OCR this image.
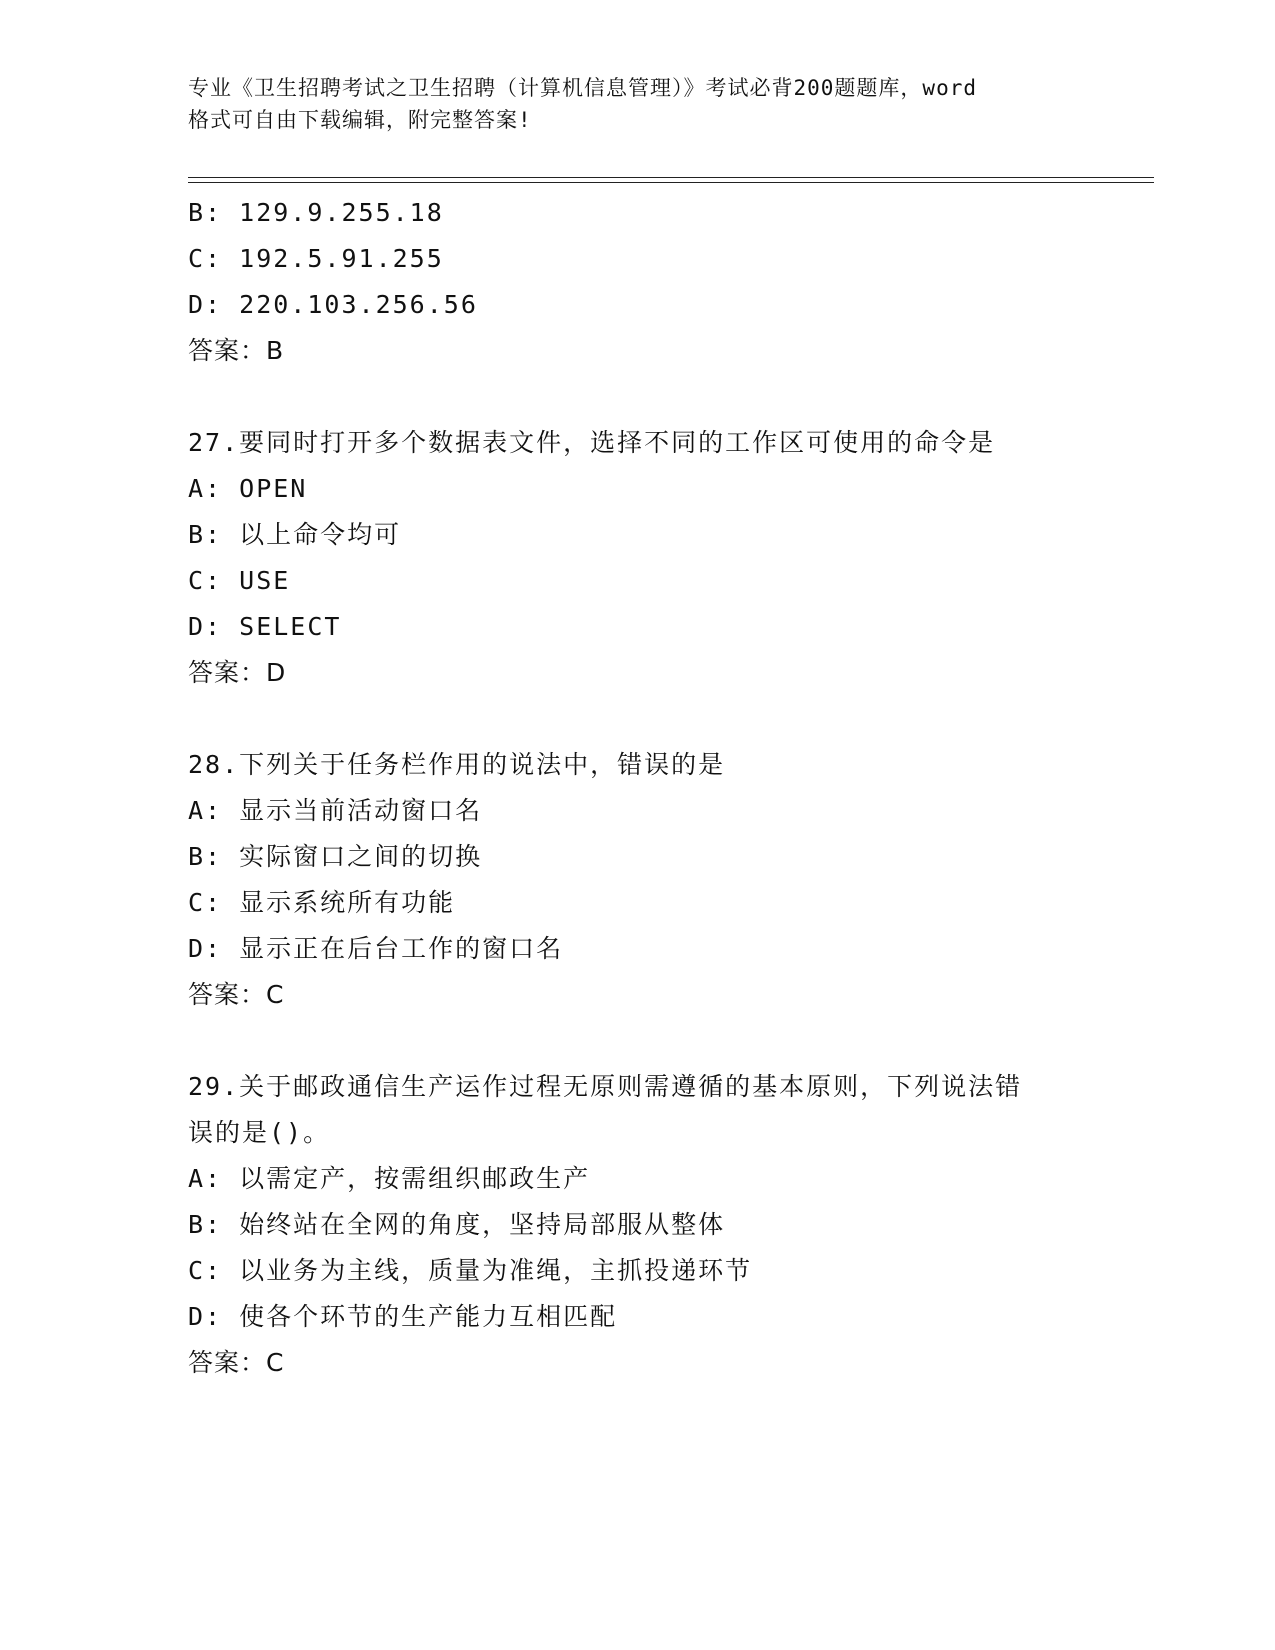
专业《卫生招聘考试之卫生招聘（计算机信息管理）》考试必背200题题库，word
格式可自由下载编辑，附完整答案!
B: 129.9.255.18
C: 192.5.91.255
D: 220.103.256.56
答案：B
27.要同时打开多个数据表文件，选择不同的工作区可使用的命令是
A: OPEN
B: 以上命令均可
C: USE
D: SELECT
答案：D
28.下列关于任务栏作用的说法中，错误的是
A: 显示当前活动窗口名
B: 实际窗口之间的切换
C: 显示系统所有功能
D: 显示正在后台工作的窗口名
答案：C
29.关于邮政通信生产运作过程无原则需遵循的基本原则，下列说法错
误的是()。
A: 以需定产，按需组织邮政生产
B: 始终站在全网的角度，坚持局部服从整体
C: 以业务为主线，质量为准绳，主抓投递环节
D: 使各个环节的生产能力互相匹配
答案：C
